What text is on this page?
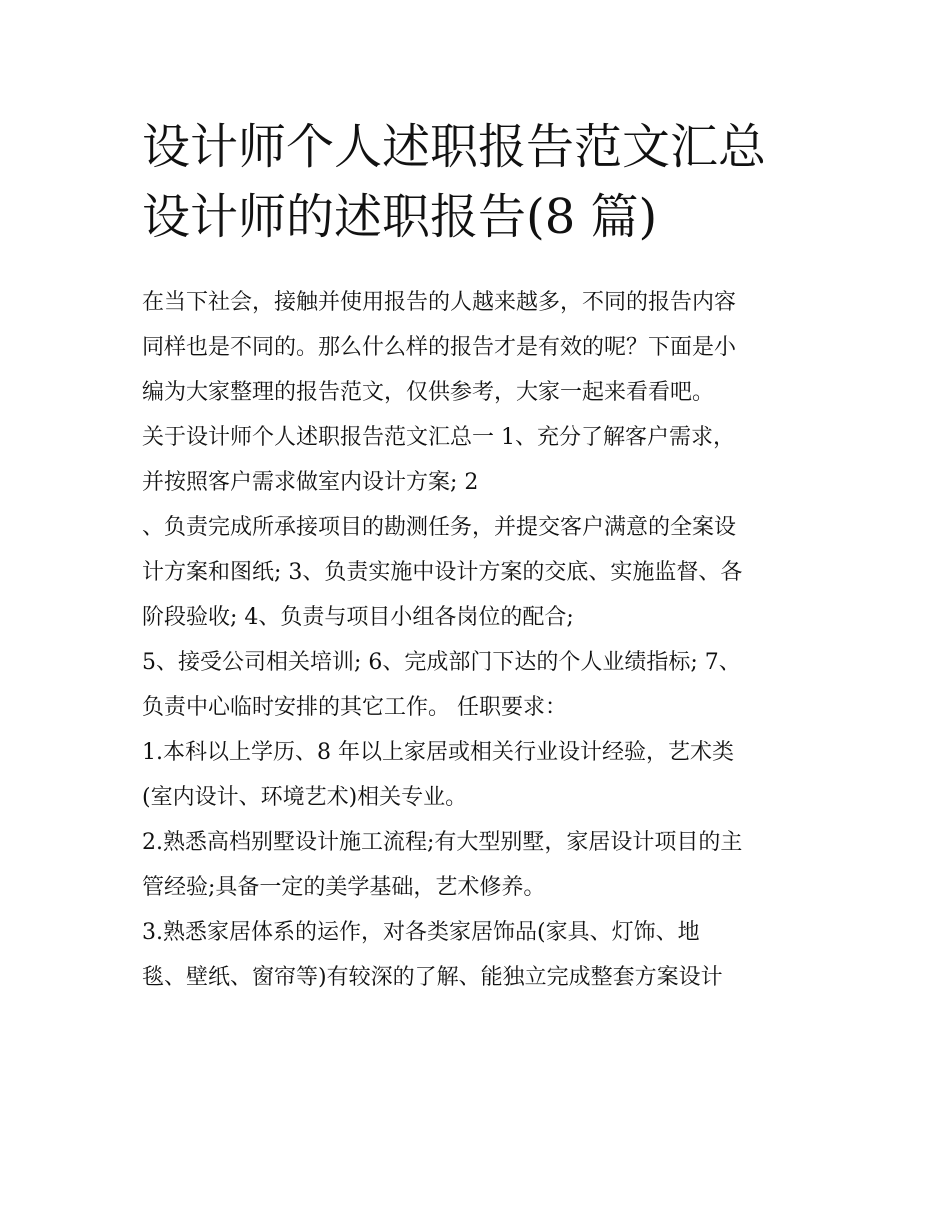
设计师个人述职报告范文汇总
设计师的述职报告(8 篇)
在当下社会，接触并使用报告的人越来越多，不同的报告内容
同样也是不同的。那么什么样的报告才是有效的呢？下面是小
编为大家整理的报告范文，仅供参考，大家一起来看看吧。
关于设计师个人述职报告范文汇总一 1、充分了解客户需求，
并按照客户需求做室内设计方案; 2
、负责完成所承接项目的勘测任务，并提交客户满意的全案设
计方案和图纸; 3、负责实施中设计方案的交底、实施监督、各
阶段验收; 4、负责与项目小组各岗位的配合;
5、接受公司相关培训; 6、完成部门下达的个人业绩指标; 7、
负责中心临时安排的其它工作。 任职要求：
1.本科以上学历、8 年以上家居或相关行业设计经验，艺术类
(室内设计、环境艺术)相关专业。
2.熟悉高档别墅设计施工流程;有大型别墅，家居设计项目的主
管经验;具备一定的美学基础，艺术修养。
3.熟悉家居体系的运作，对各类家居饰品(家具、灯饰、地
毯、壁纸、窗帘等)有较深的了解、能独立完成整套方案设计
